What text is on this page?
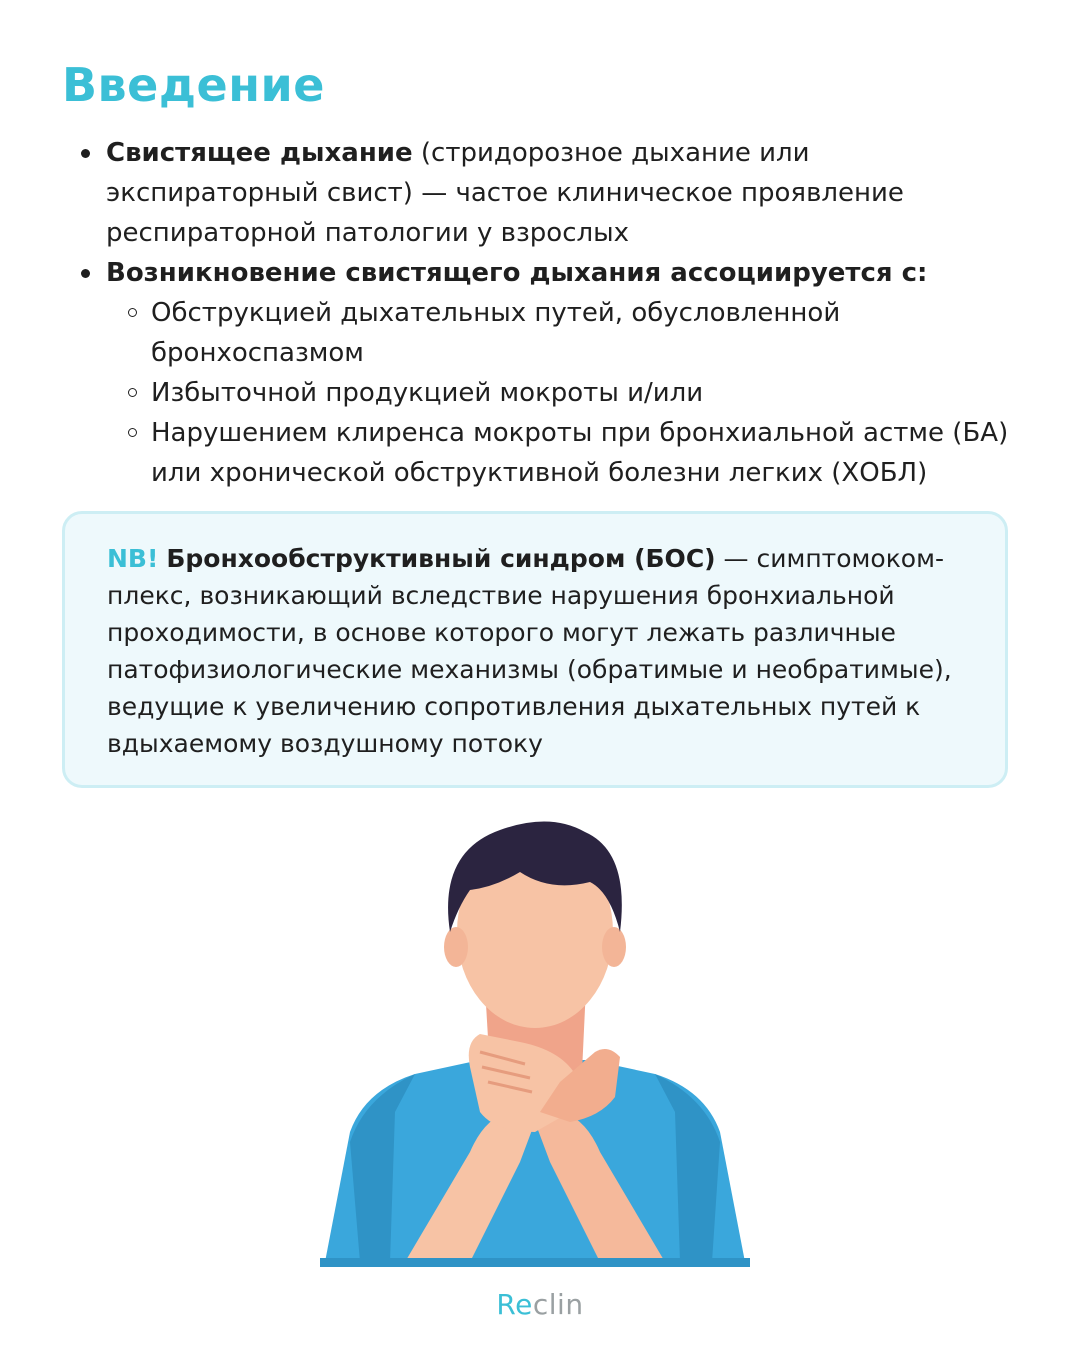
Введение
Свистящее дыхание (стридорозное дыхание или экспираторный свист) — частое клиническое проявление респираторной патологии у взрослых
Возникновение свистящего дыхания ассоциируется с:
Обструкцией дыхательных путей, обусловленной бронхоспазмом
Избыточной продукцией мокроты и/или
Нарушением клиренса мокроты при бронхиальной астме (БА) или хронической обструктивной болезни легких (ХОБЛ)
NB! Бронхообструктивный синдром (БОС) — симптомокомплекс, возникающий вследствие нарушения бронхиальной проходимости, в основе которого могут лежать различные патофизиологические механизмы (обратимые и необратимые), ведущие к увеличению сопротивления дыхательных путей к вдыхаемому воздушному потоку
Reclin
